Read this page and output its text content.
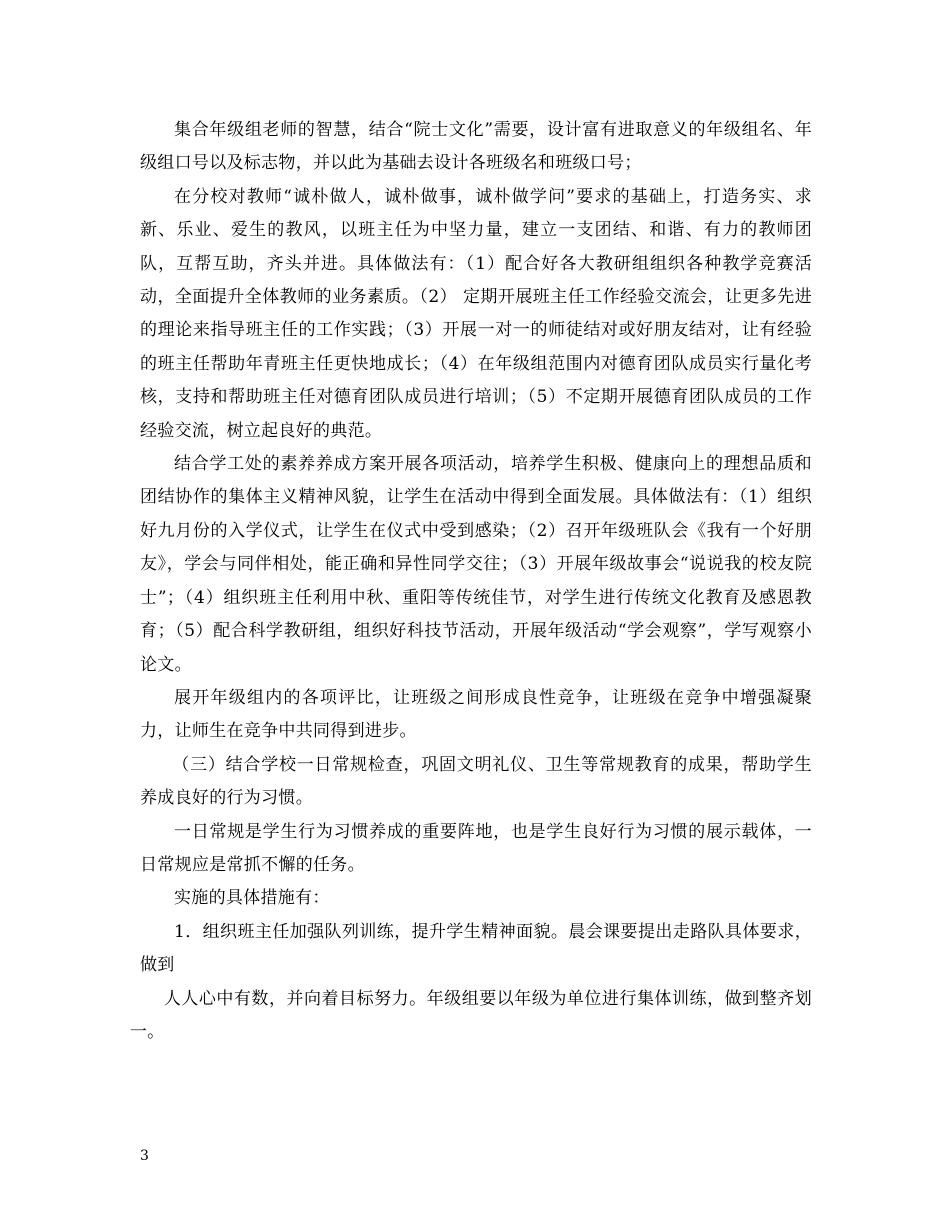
集合年级组老师的智慧，结合“院士文化”需要，设计富有进取意义的年级组名、年级组口号以及标志物，并以此为基础去设计各班级名和班级口号；

在分校对教师“诚朴做人，诚朴做事，诚朴做学问”要求的基础上，打造务实、求新、乐业、爱生的教风，以班主任为中坚力量，建立一支团结、和谐、有力的教师团队，互帮互助，齐头并进。具体做法有：（1）配合好各大教研组组织各种教学竞赛活动，全面提升全体教师的业务素质。（2） 定期开展班主任工作经验交流会，让更多先进的理论来指导班主任的工作实践；（3）开展一对一的师徒结对或好朋友结对，让有经验的班主任帮助年青班主任更快地成长；（4）在年级组范围内对德育团队成员实行量化考核，支持和帮助班主任对德育团队成员进行培训；（5）不定期开展德育团队成员的工作经验交流，树立起良好的典范。

结合学工处的素养养成方案开展各项活动，培养学生积极、健康向上的理想品质和团结协作的集体主义精神风貌，让学生在活动中得到全面发展。具体做法有：（1）组织好九月份的入学仪式，让学生在仪式中受到感染；（2）召开年级班队会《我有一个好朋友》，学会与同伴相处，能正确和异性同学交往；（3）开展年级故事会“说说我的校友院士”；（4）组织班主任利用中秋、重阳等传统佳节，对学生进行传统文化教育及感恩教育；（5）配合科学教研组，组织好科技节活动，开展年级活动“学会观察”，学写观察小论文。

展开年级组内的各项评比，让班级之间形成良性竞争，让班级在竞争中增强凝聚力，让师生在竞争中共同得到进步。

（三）结合学校一日常规检查，巩固文明礼仪、卫生等常规教育的成果，帮助学生养成良好的行为习惯。

一日常规是学生行为习惯养成的重要阵地，也是学生良好行为习惯的展示载体，一日常规应是常抓不懈的任务。

实施的具体措施有：

1．组织班主任加强队列训练，提升学生精神面貌。晨会课要提出走路队具体要求，做到

人人心中有数，并向着目标努力。年级组要以年级为单位进行集体训练，做到整齐划一。

3
